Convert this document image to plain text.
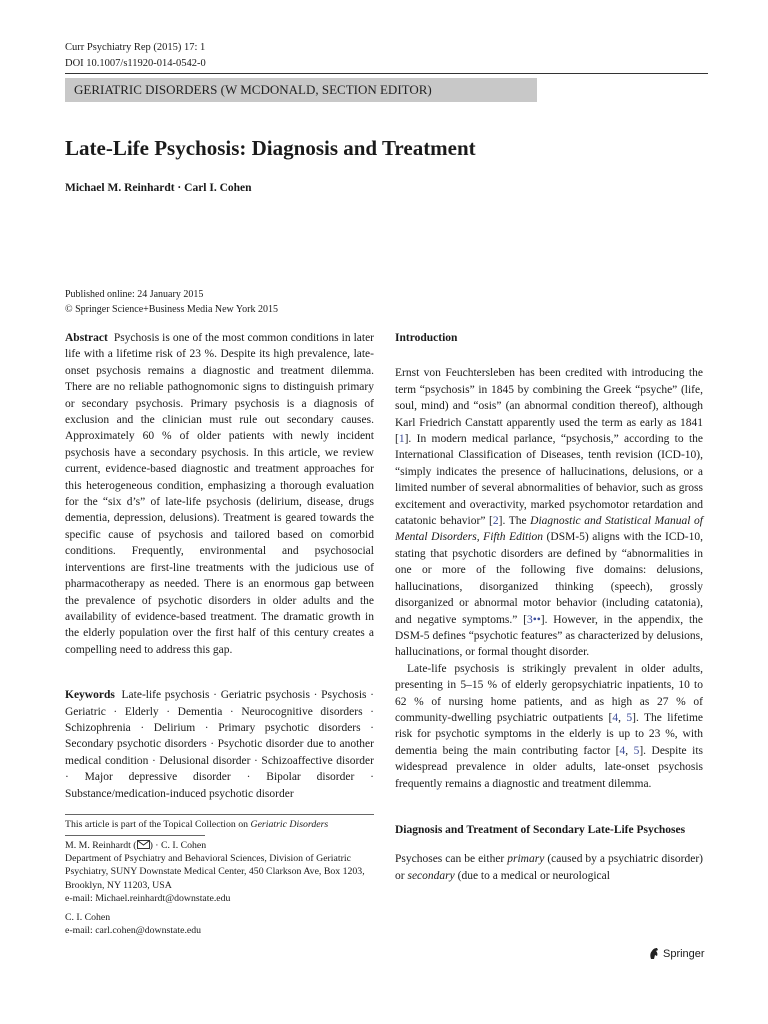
Curr Psychiatry Rep (2015) 17: 1
DOI 10.1007/s11920-014-0542-0
GERIATRIC DISORDERS (W MCDONALD, SECTION EDITOR)
Late-Life Psychosis: Diagnosis and Treatment
Michael M. Reinhardt · Carl I. Cohen
Published online: 24 January 2015
© Springer Science+Business Media New York 2015

Abstract Psychosis is one of the most common conditions in later life with a lifetime risk of 23 %. Despite its high prevalence, late-onset psychosis remains a diagnostic and treatment dilemma. There are no reliable pathognomonic signs to distinguish primary or secondary psychosis. Primary psychosis is a diagnosis of exclusion and the clinician must rule out secondary causes. Approximately 60 % of older patients with newly incident psychosis have a secondary psychosis. In this article, we review current, evidence-based diagnostic and treatment approaches for this heterogeneous condition, emphasizing a thorough evaluation for the “six d’s” of late-life psychosis (delirium, disease, drugs dementia, depression, delusions). Treatment is geared towards the specific cause of psychosis and tailored based on comorbid conditions. Frequently, environmental and psychosocial interventions are first-line treatments with the judicious use of pharmacotherapy as needed. There is an enormous gap between the prevalence of psychotic disorders in older adults and the availability of evidence-based treatment. The dramatic growth in the elderly population over the first half of this century creates a compelling need to address this gap.

Keywords Late-life psychosis · Geriatric psychosis · Psychosis · Geriatric · Elderly · Dementia · Neurocognitive disorders · Schizophrenia · Delirium · Primary psychotic disorders · Secondary psychotic disorders · Psychotic disorder due to another medical condition · Delusional disorder · Schizoaffective disorder · Major depressive disorder · Bipolar disorder · Substance/medication-induced psychotic disorder

This article is part of the Topical Collection on Geriatric Disorders

M. M. Reinhardt ( ) · C. I. Cohen
Department of Psychiatry and Behavioral Sciences, Division of Geriatric Psychiatry, SUNY Downstate Medical Center, 450 Clarkson Ave, Box 1203, Brooklyn, NY 11203, USA
e-mail: Michael.reinhardt@downstate.edu

C. I. Cohen
e-mail: carl.cohen@downstate.edu

Introduction

Ernst von Feuchtersleben has been credited with introducing the term “psychosis” in 1845 by combining the Greek “psyche” (life, soul, mind) and “osis” (an abnormal condition thereof), although Karl Friedrich Canstatt apparently used the term as early as 1841 [1]. In modern medical parlance, “psychosis,” according to the International Classification of Diseases, tenth revision (ICD-10), “simply indicates the presence of hallucinations, delusions, or a limited number of several abnormalities of behavior, such as gross excitement and overactivity, marked psychomotor retardation and catatonic behavior” [2]. The Diagnostic and Statistical Manual of Mental Disorders, Fifth Edition (DSM-5) aligns with the ICD-10, stating that psychotic disorders are defined by “abnormalities in one or more of the following five domains: delusions, hallucinations, disorganized thinking (speech), grossly disorganized or abnormal motor behavior (including catatonia), and negative symptoms.” [3••]. However, in the appendix, the DSM-5 defines “psychotic features” as characterized by delusions, hallucinations, or formal thought disorder.

Late-life psychosis is strikingly prevalent in older adults, presenting in 5–15 % of elderly geropsychiatric inpatients, 10 to 62 % of nursing home patients, and as high as 27 % of community-dwelling psychiatric outpatients [4, 5]. The lifetime risk for psychotic symptoms in the elderly is up to 23 %, with dementia being the main contributing factor [4, 5]. Despite its widespread prevalence in older adults, late-onset psychosis frequently remains a diagnostic and treatment dilemma.

Diagnosis and Treatment of Secondary Late-Life Psychoses

Psychoses can be either primary (caused by a psychiatric disorder) or secondary (due to a medical or neurological

Springer
